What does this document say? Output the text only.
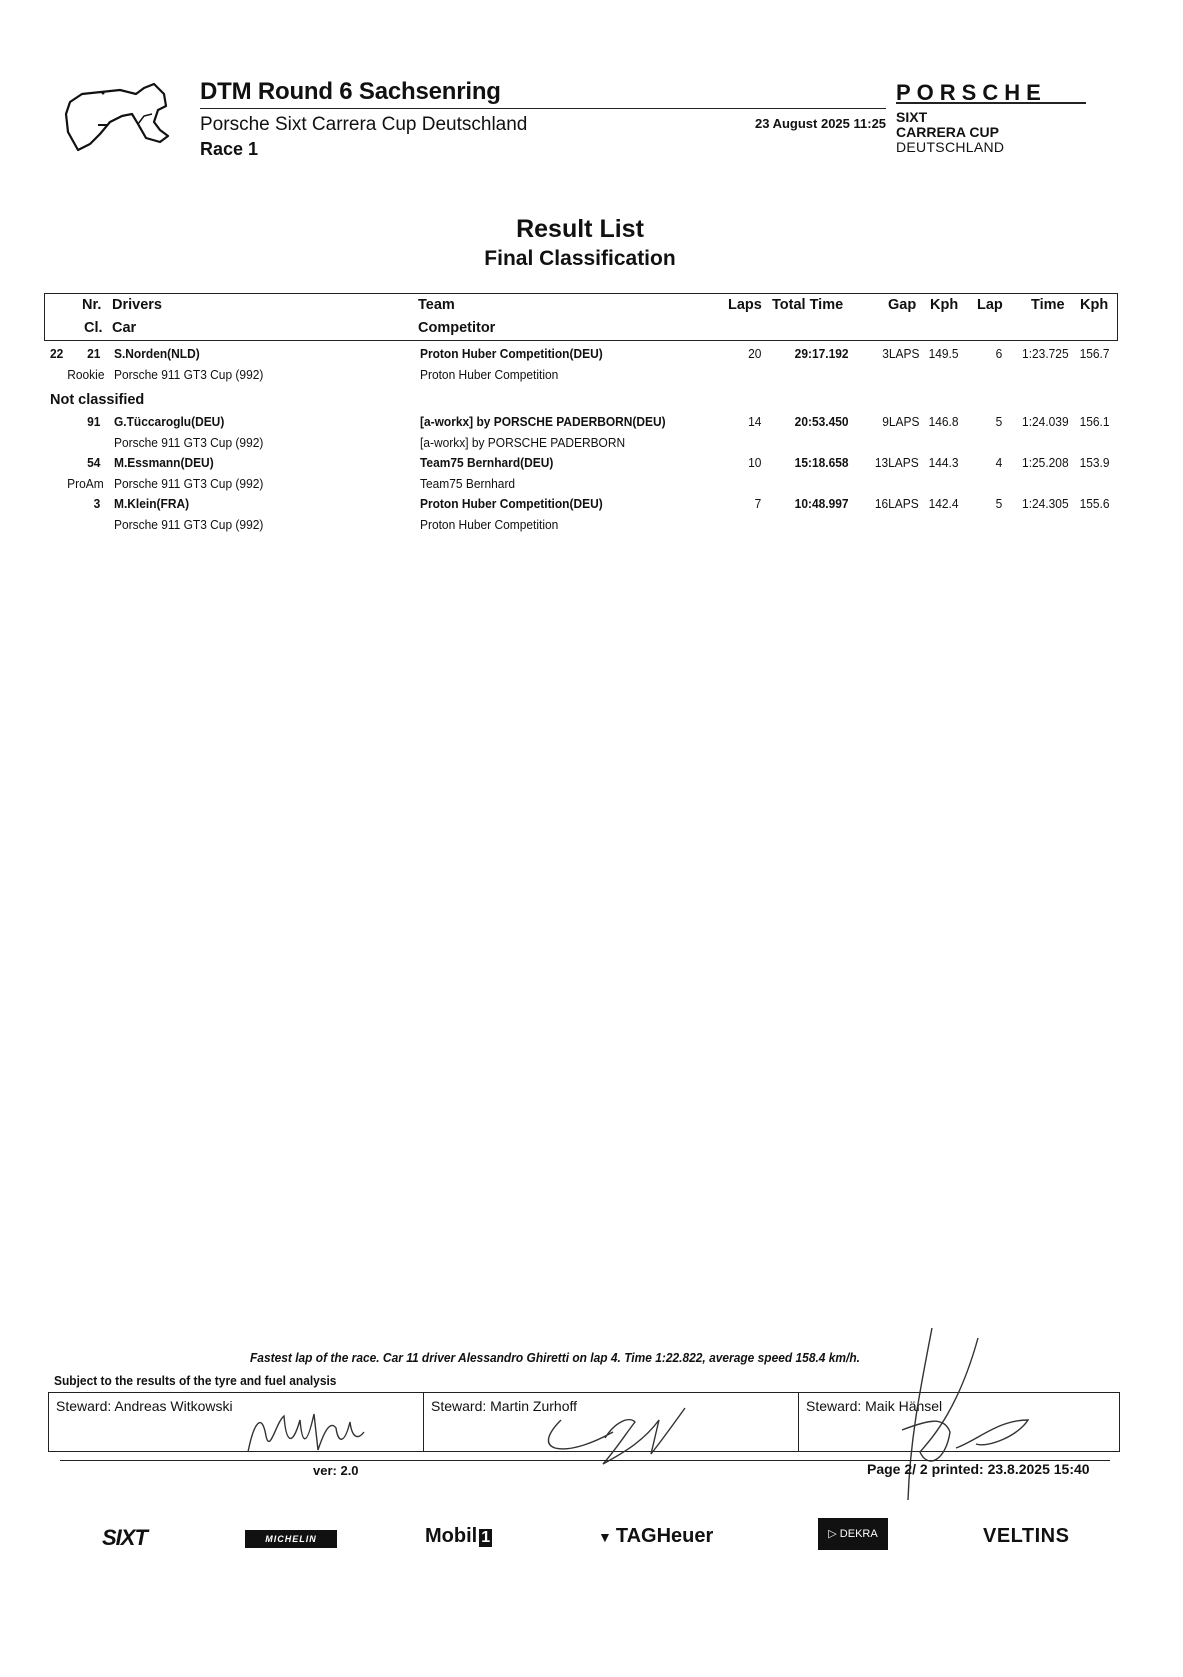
DTM Round 6 Sachsenring
Porsche Sixt Carrera Cup Deutschland
Race 1
23 August 2025 11:25
PORSCHE
SIXT
CARRERA CUP
DEUTSCHLAND
Result List
Final Classification
Nr. Drivers
Cl. Car
Team
Competitor
Laps Total Time	Gap Kph Lap Time Kph
22 21 S.Norden(NLD)	Proton Huber Competition(DEU)	20	29:17.192	3LAPS 149.5	6 1:23.725 156.7
Rookie Porsche 911 GT3 Cup (992)	Proton Huber Competition
Not classified
91 G.Tüccaroglu(DEU)	[a-workx] by PORSCHE PADERBORN(DEU)	14	20:53.450	9LAPS 146.8	5 1:24.039 156.1
Porsche 911 GT3 Cup (992)	[a-workx] by PORSCHE PADERBORN
54 M.Essmann(DEU)	Team75 Bernhard(DEU)	10	15:18.658 13LAPS 144.3	4 1:25.208 153.9
ProAm Porsche 911 GT3 Cup (992)	Team75 Bernhard
3 M.Klein(FRA)	Proton Huber Competition(DEU)	7	10:48.997 16LAPS 142.4	5 1:24.305 155.6
Porsche 911 GT3 Cup (992)	Proton Huber Competition
Fastest lap of the race. Car 11 driver Alessandro Ghiretti on lap 4. Time 1:22.822, average speed 158.4 km/h.
Subject to the results of the tyre and fuel analysis
Steward: Andreas Witkowski	Steward: Martin Zurhoff	Steward: Maik Hänsel
ver: 2.0	Page 2/ 2 printed: 23.8.2025 15:40
SIXT	MICHELIN	Mobil 1	▼ TAGHeuer	▷ DEKRA	VELTINS
